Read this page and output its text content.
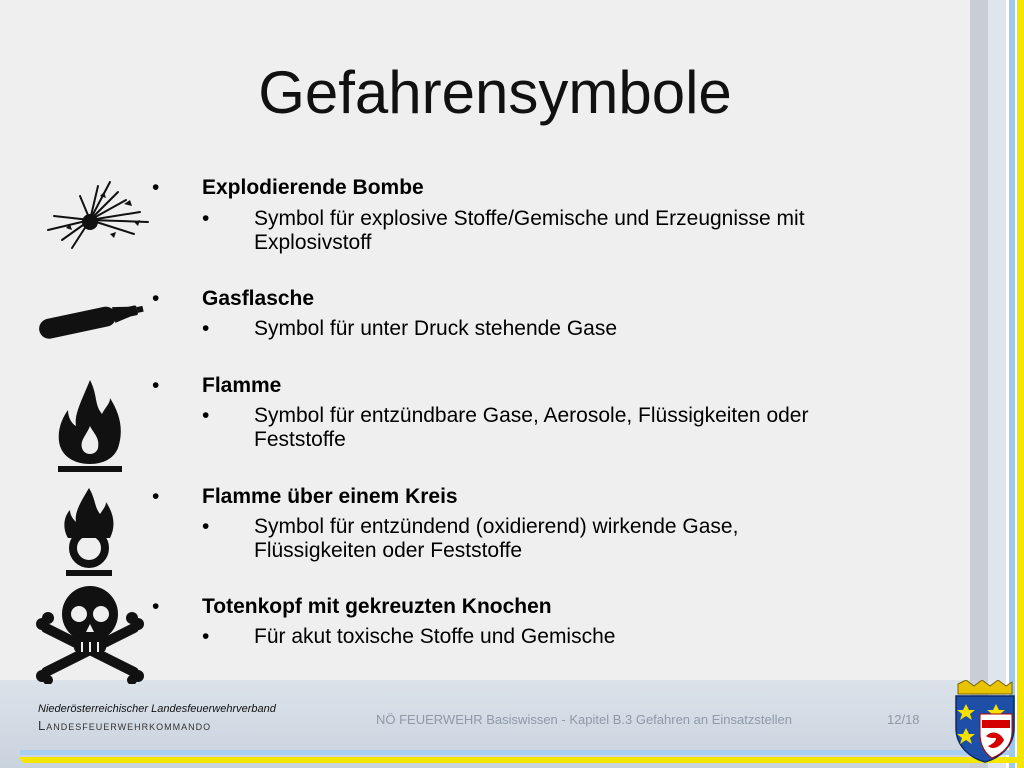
Gefahrensymbole
• Explodierende Bombe
• Symbol für explosive Stoffe/Gemische und Erzeugnisse mit
Explosivstoff
• Gasflasche
• Symbol für unter Druck stehende Gase
• Flamme
• Symbol für entzündbare Gase, Aerosole, Flüssigkeiten oder
Feststoffe
• Flamme über einem Kreis
• Symbol für entzündend (oxidierend) wirkende Gase,
Flüssigkeiten oder Feststoffe
• Totenkopf mit gekreuzten Knochen
• Für akut toxische Stoffe und Gemische
Niederösterreichischer Landesfeuerwehrverband
Landesfeuerwehrkommando	NÖ FEUERWEHR Basiswissen - Kapitel B.3 Gefahren an Einsatzstellen	12/18
